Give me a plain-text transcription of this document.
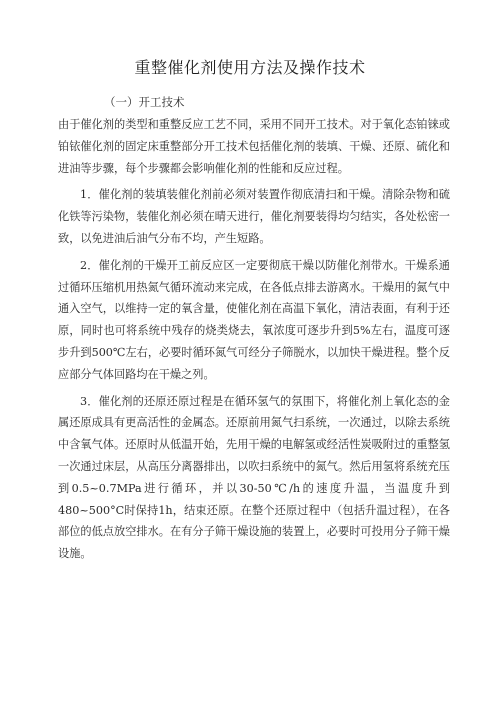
重整催化剂使用方法及操作技术
（一）开工技术

由于催化剂的类型和重整反应工艺不同，采用不同开工技术。对于氧化态铂铼或铂铱催化剂的固定床重整部分开工技术包括催化剂的装填、干燥、还原、硫化和进油等步骤，每个步骤都会影响催化剂的性能和反应过程。

1．催化剂的装填装催化剂前必须对装置作彻底清扫和干燥。清除杂物和硫化铁等污染物，装催化剂必须在晴天进行，催化剂要装得均匀结实，各处松密一致，以免进油后油气分布不均，产生短路。

2．催化剂的干燥开工前反应区一定要彻底干燥以防催化剂带水。干燥系通过循环压缩机用热氮气循环流动来完成，在各低点排去游离水。干燥用的氮气中通入空气，以维持一定的氧含量，使催化剂在高温下氧化，清洁表面，有利于还原，同时也可将系统中残存的烧类烧去，氧浓度可逐步升到5%左右，温度可逐步升到500℃左右，必要时循环氮气可经分子筛脱水，以加快干燥进程。整个反应部分气体回路均在干燥之列。

3．催化剂的还原还原过程是在循环氢气的氛围下，将催化剂上氧化态的金属还原成具有更高活性的金属态。还原前用氮气扫系统，一次通过，以除去系统中含氧气体。还原时从低温开始，先用干燥的电解氢或经活性炭吸附过的重整氢一次通过床层，从高压分离器排出，以吹扫系统中的氮气。然后用氢将系统充压到0.5~0.7MPa进行循环，并以30-50℃/h的速度升温，当温度升到480~500°C时保持1h，结束还原。在整个还原过程中（包括升温过程），在各部位的低点放空排水。在有分子筛干燥设施的装置上，必要时可投用分子筛干燥设施。
